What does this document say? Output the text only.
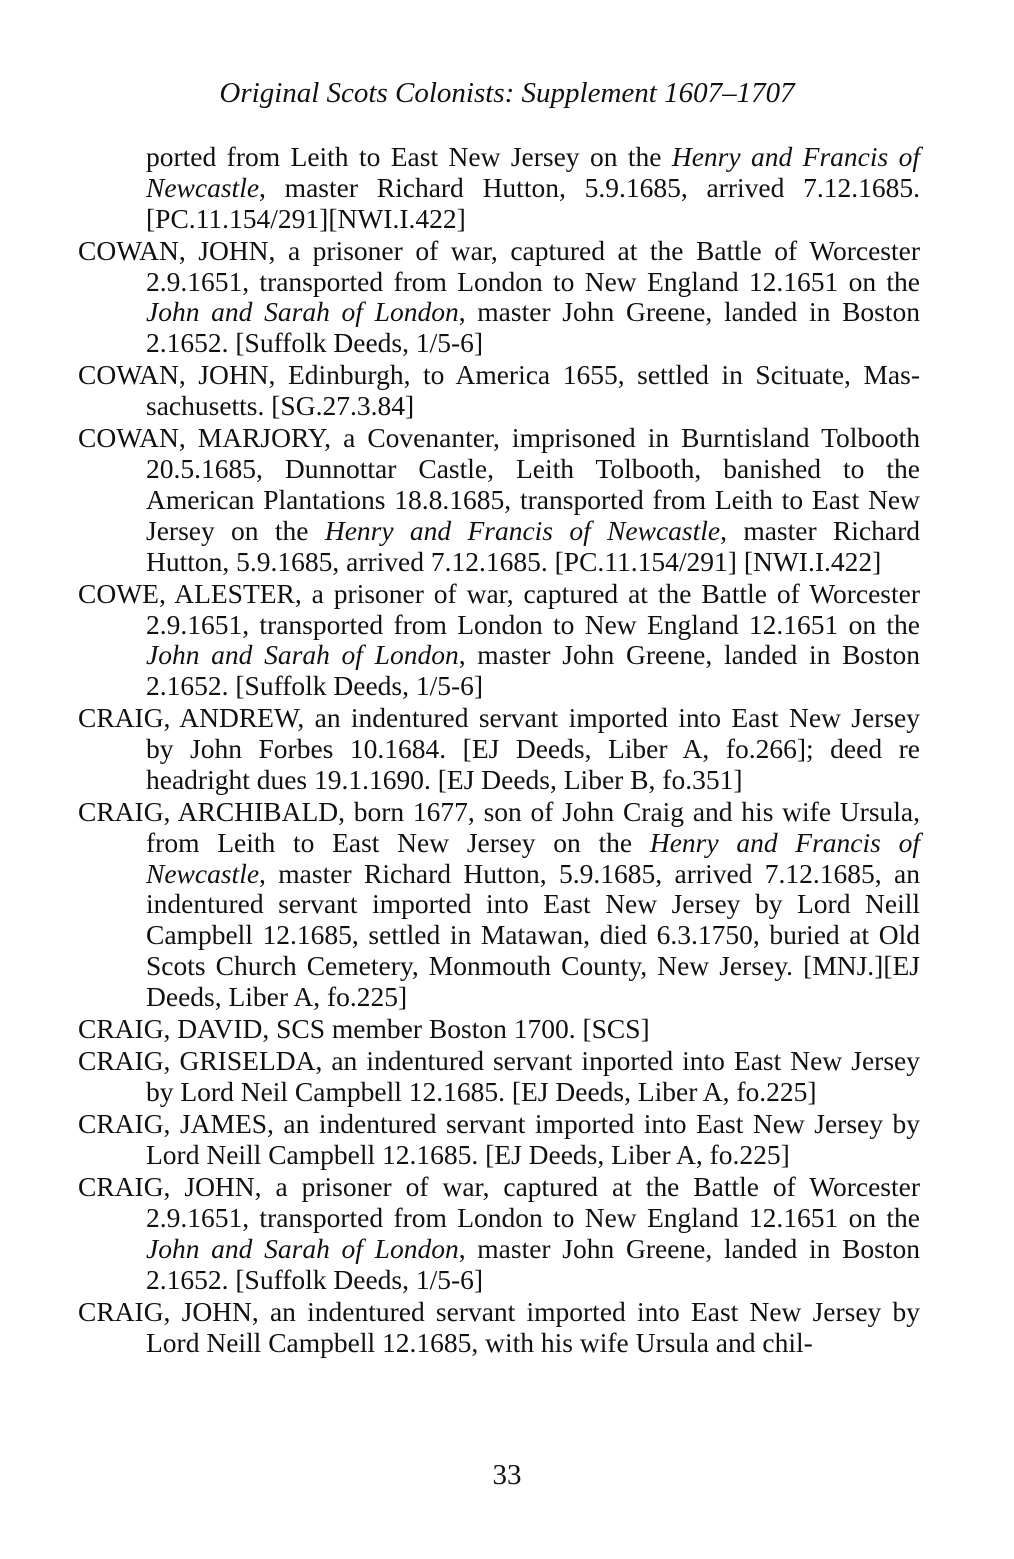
Original Scots Colonists: Supplement 1607–1707

ported from Leith to East New Jersey on the Henry and Francis of Newcastle, master Richard Hutton, 5.9.1685, arrived 7.12.1685. [PC.11.154/291][NWI.I.422]

COWAN, JOHN, a prisoner of war, captured at the Battle of Worcester 2.9.1651, transported from London to New England 12.1651 on the John and Sarah of London, master John Greene, landed in Boston 2.1652. [Suffolk Deeds, 1/5-6]

COWAN, JOHN, Edinburgh, to America 1655, settled in Scituate, Massachusetts. [SG.27.3.84]

COWAN, MARJORY, a Covenanter, imprisoned in Burntisland Tolbooth 20.5.1685, Dunnottar Castle, Leith Tolbooth, banished to the American Plantations 18.8.1685, transported from Leith to East New Jersey on the Henry and Francis of Newcastle, master Richard Hutton, 5.9.1685, arrived 7.12.1685. [PC.11.154/291] [NWI.I.422]

COWE, ALESTER, a prisoner of war, captured at the Battle of Worcester 2.9.1651, transported from London to New England 12.1651 on the John and Sarah of London, master John Greene, landed in Boston 2.1652. [Suffolk Deeds, 1/5-6]

CRAIG, ANDREW, an indentured servant imported into East New Jersey by John Forbes 10.1684. [EJ Deeds, Liber A, fo.266]; deed re headright dues 19.1.1690. [EJ Deeds, Liber B, fo.351]

CRAIG, ARCHIBALD, born 1677, son of John Craig and his wife Ursula, from Leith to East New Jersey on the Henry and Francis of Newcastle, master Richard Hutton, 5.9.1685, arrived 7.12.1685, an indentured servant imported into East New Jersey by Lord Neill Campbell 12.1685, settled in Matawan, died 6.3.1750, buried at Old Scots Church Cemetery, Monmouth County, New Jersey. [MNJ.][EJ Deeds, Liber A, fo.225]

CRAIG, DAVID, SCS member Boston 1700. [SCS]

CRAIG, GRISELDA, an indentured servant inported into East New Jersey by Lord Neil Campbell 12.1685. [EJ Deeds, Liber A, fo.225]

CRAIG, JAMES, an indentured servant imported into East New Jersey by Lord Neill Campbell 12.1685. [EJ Deeds, Liber A, fo.225]

CRAIG, JOHN, a prisoner of war, captured at the Battle of Worcester 2.9.1651, transported from London to New England 12.1651 on the John and Sarah of London, master John Greene, landed in Boston 2.1652. [Suffolk Deeds, 1/5-6]

CRAIG, JOHN, an indentured servant imported into East New Jersey by Lord Neill Campbell 12.1685, with his wife Ursula and chil-

33
